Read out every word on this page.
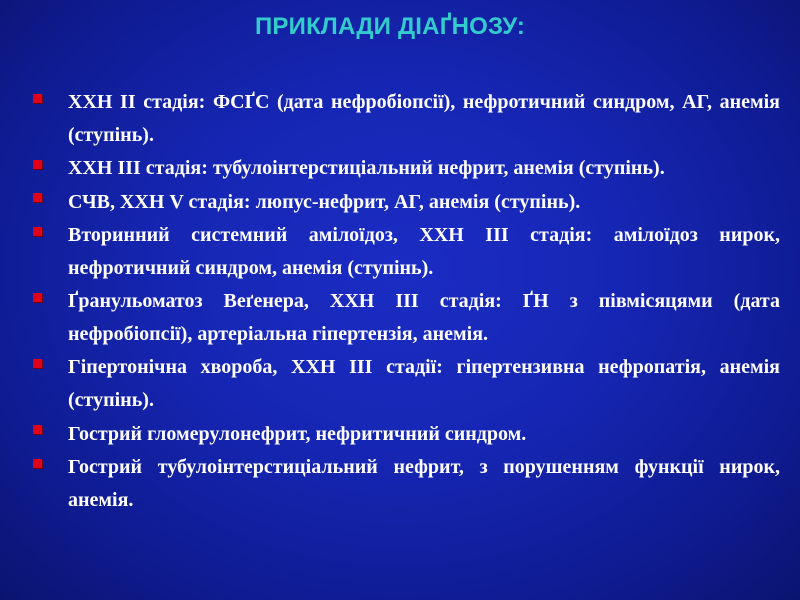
ПРИКЛАДИ ДІАҐНОЗУ:
ХХН ІІ стадія: ФСҐС (дата нефробіопсії), нефротичний синдром, АГ, анемія (ступінь).
ХХН ІІІ стадія: тубулоінтерстиціальний нефрит, анемія (ступінь).
СЧВ, ХХН V стадія: люпус-нефрит, АГ, анемія (ступінь).
Вторинний системний амілоїдоз, ХХН ІІІ стадія: амілоїдоз нирок, нефротичний синдром, анемія (ступінь).
Ґранульоматоз Веґенера, ХХН ІІІ стадія: ҐН з півмісяцями (дата нефробіопсії), артеріальна гіпертензія, анемія.
Гіпертонічна хвороба, ХХН ІІІ стадії: гіпертензивна нефропатія, анемія (ступінь).
Гострий гломерулонефрит, нефритичний синдром.
Гострий тубулоінтерстиціальний нефрит, з порушенням функції нирок, анемія.
